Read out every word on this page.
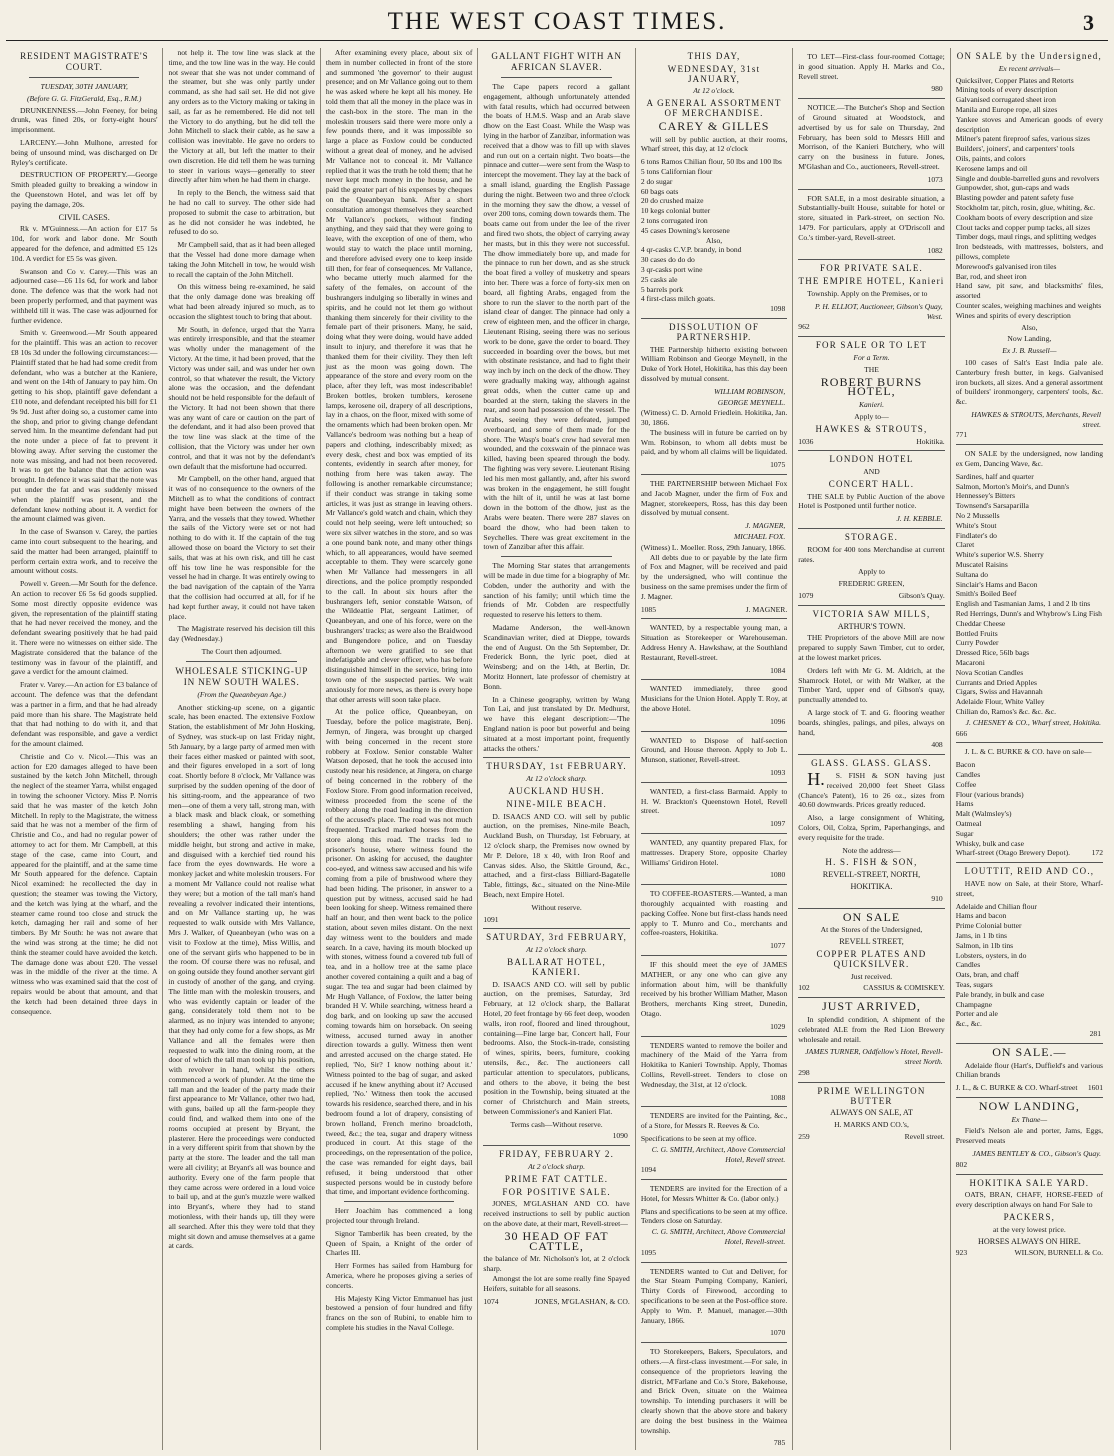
THE WEST COAST TIMES.	3
RESIDENT MAGISTRATE'S COURT.
TUESDAY, 30TH JANUARY,
(Before G. G. FitzGerald, Esq., R.M.)

DRUNKENNESS.—John Feeney, for being drunk, was fined 20s, or forty-eight hours' imprisonment.

LARCENY.—John Mulhone, arrested for being of unsound mind, was discharged on Dr Ryley's certificate.

DESTRUCTION OF PROPERTY.—George Smith pleaded guilty to breaking a window in the Queenstown Hotel, and was let off by paying the damage, 20s.

CIVIL CASES.

Rk v. M'Guinness.—An action for £17 5s 10d, for work and labor done. Mr South appeared for the defence, and admitted £5 12s 10d. A verdict for £5 5s was given.

Swanson and Co v. Carey.—This was an adjourned case—£6 11s 6d, for work and labor done. The defence was that the work had not been properly performed, and that payment was withheld till it was. The case was adjourned for further evidence.

Smith v. Greenwood.—Mr South appeared for the plaintiff. This was an action to recover £8 10s 3d under the following circumstances:—Plaintiff stated that he had had some credit from defendant, who was a butcher at the Kaniere, and went on the 14th of January to pay him. On getting to his shop, plaintiff gave defendant a £10 note, and defendant receipted his bill for £1 9s 9d. Just after doing so, a customer came into the shop, and prior to giving change defendant served him. In the meantime defendant had put the note under a piece of fat to prevent it blowing away. After serving the customer the note was missing, and had not been recovered. It was to get the balance that the action was brought. In defence it was said that the note was put under the fat and was suddenly missed when the plaintiff was present, and the defendant knew nothing about it. A verdict for the amount claimed was given.

In the case of Swanson v. Carey, the parties came into court subsequent to the hearing, and said the matter had been arranged, plaintiff to perform certain extra work, and to receive the amount without costs.

Powell v. Green.—Mr South for the defence. An action to recover £6 5s 6d goods supplied. Some most directly opposite evidence was given, the representation of the plaintiff stating that he had never received the money, and the defendant swearing positively that he had paid it. There were no witnesses on either side. The Magistrate considered that the balance of the testimony was in favour of the plaintiff, and gave a verdict for the amount claimed.

Frater v. Varey.—An action for £3 balance of account. The defence was that the defendant was a partner in a firm, and that he had already paid more than his share. The Magistrate held that that had nothing to do with it, and that defendant was responsible, and gave a verdict for the amount claimed.

Christie and Co v. Nicol.—This was an action for £20 damages alleged to have been sustained by the ketch John Mitchell, through the neglect of the steamer Yarra, whilst engaged in towing the schooner Victory. Miss P. Norris said that he was master of the ketch John Mitchell. In reply to the Magistrate, the witness said that he was not a member of the firm of Christie and Co., and had no regular power of attorney to act for them. Mr Campbell, at this stage of the case, came into Court, and appeared for the plaintiff, and at the same time Mr South appeared for the defence. Captain Nicol examined: he recollected the day in question; the steamer was towing the Victory, and the ketch was lying at the wharf, and the steamer came round too close and struck the ketch, damaging her rail and some of her timbers. By Mr South: he was not aware that the wind was strong at the time; he did not think the steamer could have avoided the ketch. The damage done was about £20. The vessel was in the middle of the river at the time. A witness who was examined said that the cost of repairs would be about that amount, and that the ketch had been detained three days in consequence.

not help it. The tow line was slack at the time, and the tow line was in the way. He could not swear that she was not under command of the steamer, but she was only partly under command, as she had sail set. He did not give any orders as to the Victory making or taking in sail, as far as he remembered. He did not tell the Victory to do anything, but he did tell the John Mitchell to slack their cable, as he saw a collision was inevitable. He gave no orders to the Victory at all, but left the matter to their own discretion. He did tell them he was turning to steer in various ways—generally to steer directly after him when he had them in charge.

In reply to the Bench, the witness said that he had no call to survey. The other side had proposed to submit the case to arbitration, but as he did not consider he was indebted, he refused to do so.

Mr Campbell said, that as it had been alleged that the Vessel had done more damage when taking the John Mitchell in tow, he would wish to recall the captain of the John Mitchell.

On this witness being re-examined, he said that the only damage done was breaking off what had been already injured so much, as to occasion the slightest touch to bring that about.

Mr South, in defence, urged that the Yarra was entirely irresponsible, and that the steamer was wholly under the management of the Victory. At the time, it had been proved, that the Victory was under sail, and was under her own control, so that whatever the result, the Victory alone was the occasion, and the defendant should not be held responsible for the default of the Victory. It had not been shown that there was any want of care or caution on the part of the defendant, and it had also been proved that the tow line was slack at the time of the collision, that the Victory was under her own control, and that it was not by the defendant's own default that the misfortune had occurred.

Mr Campbell, on the other hand, argued that it was of no consequence to the owners of the Mitchell as to what the conditions of contract might have been between the owners of the Yarra, and the vessels that they towed. Whether the sails of the Victory were set or not had nothing to do with it. If the captain of the tug allowed those on board the Victory to set their sails, that was at his own risk, and till he cast off his tow line he was responsible for the vessel he had in charge. It was entirely owing to the bad navigation of the captain of the Yarra that the collision had occurred at all, for if he had kept further away, it could not have taken place.

The Magistrate reserved his decision till this day (Wednesday.)

The Court then adjourned.
WHOLESALE STICKING-UP IN NEW SOUTH WALES.
(From the Queanbeyan Age.)

Another sticking-up scene, on a gigantic scale, has been enacted. The extensive Foxlow Station, the establishment of Mr John Hosking, of Sydney, was stuck-up on last Friday night, 5th January, by a large party of armed men with their faces either masked or painted with soot, and their figures enveloped in a sort of long coat. Shortly before 8 o'clock, Mr Vallance was surprised by the sudden opening of the door of his sitting-room, and the appearance of two men—one of them a very tall, strong man, with a black mask and black cloak, or something resembling a shawl, hanging from his shoulders; the other was rather under the middle height, but strong and active in make, and disguised with a kerchief tied round his face from the eyes downwards. He wore a monkey jacket and white moleskin trousers. For a moment Mr Vallance could not realise what they were; but a motion of the tall man's hand revealing a revolver indicated their intentions, and on Mr Vallance starting up, he was requested to walk outside with Mrs Vallance, Mrs J. Walker, of Queanbeyan (who was on a visit to Foxlow at the time), Miss Willis, and one of the servant girls who happened to be in the room. Of course there was no refusal, and on going outside they found another servant girl in custody of another of the gang, and crying. The little man with the moleskin trousers, and who was evidently captain or leader of the gang, considerately told them not to be alarmed, as no injury was intended to anyone; that they had only come for a few shops, as Mr Vallance and all the females were then requested to walk into the dining room, at the door of which the tall man took up his position, with revolver in hand, whilst the others commenced a work of plunder. At the time the tall man and the leader of the party made their first appearance to Mr Vallance, other two had, with guns, bailed up all the farm-people they could find, and walked them into one of the rooms occupied at present by Bryant, the plasterer. Here the proceedings were conducted in a very different spirit from that shown by the party at the store. The leader and the tall man were all civility; at Bryant's all was bounce and authority. Every one of the farm people that they came across were ordered in a loud voice to bail up, and at the gun's muzzle were walked into Bryant's, where they had to stand motionless, with their hands up, till they were all searched. After this they were told that they might sit down and amuse themselves at a game at cards.

After examining every place, about six of them in number collected in front of the store and summoned 'the governor' to their august presence; and on Mr Vallance going out to them he was asked where he kept all his money. He told them that all the money in the place was in the cash-box in the store. The man in the moleskin trousers said there were more only a few pounds there, and it was impossible so large a place as Foxlow could be conducted without a great deal of money, and he advised Mr Vallance not to conceal it. Mr Vallance replied that it was the truth he told them; that he never kept much money in the house, and he paid the greater part of his expenses by cheques on the Queanbeyan bank. After a short consultation amongst themselves they searched Mr Vallance's pockets, without finding anything, and they said that they were going to leave, with the exception of one of them, who would stay to watch the place until morning, and therefore advised every one to keep inside till then, for fear of consequences. Mr Vallance, who became utterly much alarmed for the safety of the females, on account of the bushrangers indulging so liberally in wines and spirits, and he could not let them go without thanking them sincerely for their civility to the female part of their prisoners. Many, he said, doing what they were doing, would have added insult to injury, and therefore it was that he thanked them for their civility. They then left just as the moon was going down. The appearance of the store and every room on the place, after they left, was most indescribable! Broken bottles, broken tumblers, kerosene lamps, kerosene oil, drapery of all descriptions, lay in a chaos, on the floor, mixed with some of the ornaments which had been broken open. Mr Vallance's bedroom was nothing but a heap of papers and clothing, indescribably mixed; as every desk, chest and box was emptied of its contents, evidently in search after money, for nothing from here was taken away. The following is another remarkable circumstance; if their conduct was strange in taking some articles, it was just as strange in leaving others. Mr Vallance's gold watch and chain, which they could not help seeing, were left untouched; so were six silver watches in the store, and so was a one pound bank note, and many other things which, to all appearances, would have seemed acceptable to them. They were scarcely gone when Mr Vallance had messengers in all directions, and the police promptly responded to the call. In about six hours after the bushrangers left, senior constable Watson, of the Wildeattie Plat, sergeant Latimer, of Queanbeyan, and one of his force, were on the bushrangers' tracks; as were also the Braidwood and Bungendore police, and on Tuesday afternoon we were gratified to see that indefatigable and clever officer, who has before distinguished himself in the service, bring into town one of the suspected parties. We wait anxiously for more news, as there is every hope that other arrests will soon take place.

At the police office, Queanbeyan, on Tuesday, before the police magistrate, Benj. Jermyn, of Jingera, was brought up charged with being concerned in the recent store robbery at Foxlow. Senior constable Walter Watson deposed, that he took the accused into custody near his residence, at Jingera, on charge of being concerned in the robbery of the Foxlow Store. From good information received, witness proceeded from the scene of the robbery along the road leading in the direction of the accused's place. The road was not much frequented. Tracked marked horses from the store along this road. The tracks led to prisoner's house, where witness found the prisoner. On asking for accused, the daughter coo-eyed, and witness saw accused and his wife coming from a pile of brushwood where they had been hiding. The prisoner, in answer to a question put by witness, accused said he had been looking for sheep. Witness remained there half an hour, and then went back to the police station, about seven miles distant. On the next day witness went to the boulders and made search. In a cave, having its mouth blocked up with stones, witness found a covered tub full of tea, and in a hollow tree at the same place another covered containing a quilt and a bag of sugar. The tea and sugar had been claimed by Mr Hugh Vallance, of Foxlow, the latter being branded H V. While searching, witness heard a dog bark, and on looking up saw the accused coming towards him on horseback. On seeing witness, accused turned away in another direction towards a gully. Witness then went and arrested accused on the charge stated. He replied, 'No, Sir? I know nothing about it.' Witness pointed to the bag of sugar, and asked accused if he knew anything about it? Accused replied, 'No.' Witness then took the accused towards his residence, searched there, and in his bedroom found a lot of drapery, consisting of brown holland, French merino broadcloth, tweed, &c.; the tea, sugar and drapery witness produced in court. At this stage of the proceedings, on the representation of the police, the case was remanded for eight days, bail refused, it being understood that other suspected persons would be in custody before that time, and important evidence forthcoming.

Herr Joachim has commenced a long projected tour through Ireland.

Signor Tamberlik has been created, by the Queen of Spain, a Knight of the order of Charles III.

Herr Formes has sailed from Hamburg for America, where he proposes giving a series of concerts.

His Majesty King Victor Emmanuel has just bestowed a pension of four hundred and fifty francs on the son of Rubini, to enable him to complete his studies in the Naval College.

GALLANT FIGHT WITH AN AFRICAN SLAVER.

The Cape papers record a gallant engagement, although unfortunately attended with fatal results, which had occurred between the boats of H.M.S. Wasp and an Arab slave dhow on the East Coast. While the Wasp was lying in the harbor of Zanzibar, information was received that a dhow was to fill up with slaves and run out on a certain night. Two boats—the pinnace and cutter—were sent from the Wasp to intercept the movement. They lay at the back of a small island, guarding the English Passage during the night. Between two and three o'clock in the morning they saw the dhow, a vessel of over 200 tons, coming down towards them. The boats came out from under the lee of the river and fired two shots, the object of carrying away her masts, but in this they were not successful. The dhow immediately bore up, and made for the pinnace to run her down, and as she struck the boat fired a volley of musketry and spears into her. There was a force of forty-six men on board, all fighting Arabs, engaged from the shore to run the slaver to the north part of the island clear of danger. The pinnace had only a crew of eighteen men, and the officer in charge, Lieutenant Rising, seeing there was no serious work to be done, gave the order to board. They succeeded in boarding over the bows, but met with obstinate resistance, and had to fight their way inch by inch on the deck of the dhow. They were gradually making way, although against great odds, when the cutter came up and boarded at the stern, taking the slavers in the rear, and soon had possession of the vessel. The Arabs, seeing they were defeated, jumped overboard, and some of them made for the shore. The Wasp's boat's crew had several men wounded, and the coxswain of the pinnace was killed, having been speared through the body. The fighting was very severe. Lieutenant Rising led his men most gallantly, and, after his sword was broken in the engagement, he still fought with the hilt of it, until he was at last borne down in the bottom of the dhow, just as the Arabs were beaten. There were 287 slaves on board the dhow, who had been taken to Seychelles. There was great excitement in the town of Zanzibar after this affair.

The Morning Star states that arrangements will be made in due time for a biography of Mr. Cobden, under the authority and with the sanction of his family; until which time the friends of Mr. Cobden are respectfully requested to reserve his letters to them.

Madame Anderson, the well-known Scandinavian writer, died at Dieppe, towards the end of August. On the 5th September, Dr. Frederick Bonn, the lyric poet, died at Weinsberg; and on the 14th, at Berlin, Dr. Moritz Honnert, late professor of chemistry at Bonn.

In a Chinese geography, written by Wang Ton Lai, and just translated by Dr. Medhurst, we have this elegant description:—'The England nation is poor but powerful and being situated at a most important point, frequently attacks the others.'

THURSDAY, 1st FEBRUARY.
At 12 o'clock sharp.
AUCKLAND HUSH.
NINE-MILE BEACH.

D. ISAACS AND CO. will sell by public auction, on the premises, Nine-mile Beach, Auckland Bush, on Thursday, 1st February, at 12 o'clock sharp, the Premises now owned by Mr P. Delore, 18 x 40, with Iron Roof and Canvas sides. Also, the Skittle Ground, &c., attached, and a first-class Billiard-Bagatelle Table, fittings, &c., situated on the Nine-Mile Beach, next Empire Hotel.

Without reserve.
1091
SATURDAY, 3rd FEBRUARY,
At 12 o'clock sharp.
BALLARAT HOTEL, KANIERI.

D. ISAACS AND CO. will sell by public auction, on the premises, Saturday, 3rd February, at 12 o'clock sharp, the Ballarat Hotel, 20 feet frontage by 66 feet deep, wooden walls, iron roof, floored and lined throughout, containing—Fine large bar, Concert hall, Four bedrooms. Also, the Stock-in-trade, consisting of wines, spirits, beers, furniture, cooking utensils, &c., &c. The auctioneers call particular attention to speculators, publicans, and others to the above, it being the best position in the Township, being situated at the corner of Christchurch and Main streets, between Commissioner's and Kanieri Flat.

Terms cash—Without reserve.
1090
FRIDAY, FEBRUARY 2.
At 2 o'clock sharp.
PRIME FAT CATTLE.
FOR POSITIVE SALE.

JONES, M'GLASHAN AND CO. have received instructions to sell by public auction on the above date, at their mart, Revell-street—

30 HEAD OF FAT CATTLE,
the balance of Mr. Nicholson's lot, at 2 o'clock sharp.

Amongst the lot are some really fine Spayed Heifers, suitable for all seasons.

1074	JONES, M'GLASHAN, & CO.
THIS DAY,
WEDNESDAY, 31st JANUARY,
At 12 o'clock.
A GENERAL ASSORTMENT OF MERCHANDISE.
CAREY & GILLES

will sell by public auction, at their rooms, Wharf street, this day, at 12 o'clock

6 tons Ramos Chilian flour, 50 lbs and 100 lbs
5 tons Californian flour
2 do sugar
60 bags oats
20 do crushed maize
10 kegs colonial butter
2 tons corrugated iron
45 cases Downing's kerosene
Also,
4 qr-casks C.V.P. brandy, in bond
30 cases do do do
3 qr-casks port wine
25 casks ale
5 barrels pork
4 first-class milch goats.
1098
DISSOLUTION OF PARTNERSHIP.

THE Partnership hitherto existing between William Robinson and George Meynell, in the Duke of York Hotel, Hokitika, has this day been dissolved by mutual consent.

WILLIAM ROBINSON,
GEORGE MEYNELL.
(Witness) C. D. Arnold Friedlein. Hokitika, Jan. 30, 1866.

The business will in future be carried on by Wm. Robinson, to whom all debts must be paid, and by whom all claims will be liquidated.

1075

THE PARTNERSHIP between Michael Fox and Jacob Magner, under the firm of Fox and Magner, storekeepers, Ross, has this day been dissolved by mutual consent.

J. MAGNER,
MICHAEL FOX.
(Witness) L. Moeller. Ross, 29th January, 1866.

All debts due to or payable by the late firm of Fox and Magner, will be received and paid by the undersigned, who will continue the business on the same premises under the firm of J. Magner.

1085	J. MAGNER.

WANTED, by a respectable young man, a Situation as Storekeeper or Warehouseman. Address Henry A. Hawkshaw, at the Southland Restaurant, Revell-street.

1084

WANTED immediately, three good Musicians for the Union Hotel. Apply T. Roy, at the above Hotel.

1096

WANTED to Dispose of half-section Ground, and House thereon. Apply to Job L. Munson, stationer, Revell-street.

1093

WANTED, a first-class Barmaid. Apply to H. W. Brackton's Queenstown Hotel, Revell street.

1097

WANTED, any quantity prepared Flax, for mattresses. Drapery Store, opposite Charley Williams' Gridiron Hotel.

1080

TO COFFEE-ROASTERS.—Wanted, a man thoroughly acquainted with roasting and packing Coffee. None but first-class hands need apply to T. Munro and Co., merchants and coffee-roasters, Hokitika.

1077

IF this should meet the eye of JAMES MATHER, or any one who can give any information about him, will be thankfully received by his brother William Mather, Mason Brothers, merchants King street, Dunedin, Otago.

1029

TENDERS wanted to remove the boiler and machinery of the Maid of the Yarra from Hokitika to Kanieri Township. Apply, Thomas Collins, Revell-street. Tenders to close on Wednesday, the 31st, at 12 o'clock.

1088

TENDERS are invited for the Painting, &c., of a Store, for Messrs R. Reeves & Co.

Specifications to be seen at my office.
C. G. SMITH, Architect, Above Commercial Hotel, Revell street.
1094

TENDERS are invited for the Erection of a Hotel, for Messrs Whitter & Co. (labor only.)

Plans and specifications to be seen at my office. Tenders close on Saturday.
C. G. SMITH, Architect, Above Commercial Hotel, Revell-street.
1095

TENDERS wanted to Cut and Deliver, for the Star Steam Pumping Company, Kanieri, Thirty Cords of Firewood, according to specifications to be seen at the Post-office store. Apply to Wm. P. Manuel, manager.—30th January, 1866.

1070

TO Storekeepers, Bakers, Speculators, and others.—A first-class investment.—For sale, in consequence of the proprietors leaving the district, M'Farlane and Co.'s Store, Bakehouse, and Brick Oven, situate on the Waimea township. To intending purchasers it will be clearly shown that the above store and bakery are doing the best business in the Waimea township.

785

TO LET—First-class four-roomed Cottage; in good situation. Apply H. Marks and Co., Revell street.

980

NOTICE.—The Butcher's Shop and Section of Ground situated at Woodstock, and advertised by us for sale on Thursday, 2nd February, has been sold to Messrs Hill and Morrison, of the Kanieri Butchery, who will carry on the business in future. Jones, M'Glashan and Co., auctioneers, Revell-street.

1073

FOR SALE, in a most desirable situation, a Substantially-built House, suitable for hotel or store, situated in Park-street, on section No. 1479. For particulars, apply at O'Driscoll and Co.'s timber-yard, Revell-street.

1082
FOR PRIVATE SALE.
THE EMPIRE HOTEL, Kanieri

Township. Apply on the Premises, or to

P. H. ELLIOT, Auctioneer, Gibson's Quay, West.
962
FOR SALE OR TO LET
For a Term.
THE
ROBERT BURNS HOTEL,
Kanieri.
Apply to—
HAWKES & STROUTS,
1036	Hokitika.
LONDON HOTEL
AND
CONCERT HALL.

THE SALE by Public Auction of the above Hotel is Postponed until further notice.

J. H. KEBBLE.
STORAGE.

ROOM for 400 tons Merchandise at current rates.

Apply to
FREDERIC GREEN,
1079	Gibson's Quay.
VICTORIA SAW MILLS,
ARTHUR'S TOWN.

THE Proprietors of the above Mill are now prepared to supply Sawn Timber, cut to order, at the lowest market prices.

Orders left with Mr G. M. Aldrich, at the Shamrock Hotel, or with Mr Walker, at the Timber Yard, upper end of Gibson's quay, punctually attended to.

A large stock of T. and G. flooring weather boards, shingles, palings, and piles, always on hand,

408
GLASS. GLASS. GLASS.

H.S. FISH & SON having just received 20,000 feet Sheet Glass (Chance's Patent), 16 to 26 oz., sizes from 40.60 downwards. Prices greatly reduced.

Also, a large consignment of Whiting, Colors, Oil, Colza, Sprim, Paperhangings, and every requisite for the trade.

Note the address—
H. S. FISH & SON,
REVELL-STREET, NORTH,
HOKITIKA.
910
ON SALE
At the Stores of the Undersigned,
REVELL STREET,
COPPER PLATES AND QUICKSILVER.
Just received.
102	CASSIUS & COMISKEY.
JUST ARRIVED,

In splendid condition, A shipment of the celebrated ALE from the Red Lion Brewery wholesale and retail.

JAMES TURNER, Oddfellow's Hotel, Revell-street North.
298
PRIME WELLINGTON BUTTER
ALWAYS ON SALE, AT
H. MARKS AND CO.'s,
259	Revell street.
ON SALE by the Undersigned,
Ex recent arrivals—
Quicksilver, Copper Plates and Retorts
Mining tools of every description
Galvanised corrugated sheet iron
Manila and Europe rope, all sizes
Yankee stoves and American goods of every description
Milner's patent fireproof safes, various sizes
Builders', joiners', and carpenters' tools
Oils, paints, and colors
Kerosene lamps and oil
Single and double-barrelled guns and revolvers
Gunpowder, shot, gun-caps and wads
Blasting powder and patent safety fuse
Stockholm tar, pitch, rosin, glue, whiting, &c.
Cookham boots of every description and size
Clout tacks and copper pump tacks, all sizes
Timber dogs, maul rings, and splitting wedges
Iron bedsteads, with mattresses, bolsters, and pillows, complete
Morewood's galvanised iron tiles
Bar, rod, and sheet iron
Hand saw, pit saw, and blacksmiths' files, assorted
Counter scales, weighing machines and weights
Wines and spirits of every description
Also,
Now Landing,
Ex J. B. Russell—

100 cases of Salt's East India pale ale. Canterbury fresh butter, in kegs. Galvanised iron buckets, all sizes. And a general assortment of builders' ironmongery, carpenters' tools, &c. &c.

HAWKES & STROUTS, Merchants, Revell street.
771

ON SALE by the undersigned, now landing ex Gem, Dancing Wave, &c.

Sardines, half and quarter
Salmon, Morton's Moir's, and Dunn's
Hennessey's Bitters
Townsend's Sarsaparilla
No 2 Mussells
White's Stout
Findlater's do
Claret
White's superior W.S. Sherry
Muscatel Raisins
Sultana do
Sinclair's Hams and Bacon
Smith's Boiled Beef
English and Tasmanian Jams, 1 and 2 lb tins
Red Herrings, Dunn's and Whybrow's Ling Fish
Cheddar Cheese
Bottled Fruits
Curry Powder
Dressed Rice, 56lb bags
Macaroni
Nova Scotian Candles
Currants and Dried Apples
Cigars, Swiss and Havannah
Adelaide Flour, White Valley
Chilian do, Ramos's &c. &c. &c.
J. CHESNEY & CO., Wharf street, Hokitika.
666

J. L. & C. BURKE & CO. have on sale—

Bacon
Candles
Coffee
Flour (various brands)
Hams
Malt (Walmsley's)
Oatmeal
Sugar
Whisky, bulk and case
Wharf-street (Otago Brewery Depot).	172
LOUTTIT, REID AND CO.,

HAVE now on Sale, at their Store, Wharf-street,

Adelaide and Chilian flour
Hams and bacon
Prime Colonial butter
Jams, in 1 lb tins
Salmon, in 1lb tins
Lobsters, oysters, in do
Candles
Oats, bran, and chaff
Teas, sugars
Pale brandy, in bulk and case
Champagne
Porter and ale
&c., &c.
281
ON SALE.—

Adelaide flour (Hart's, Duffield's and various Chilian brands

J. L., & C. BURKE & CO. Wharf-street 1601
NOW LANDING,
Ex Thane—

Field's Nelson ale and porter, Jams, Eggs, Preserved meats

JAMES BENTLEY & CO., Gibson's Quay.
802
HOKITIKA SALE YARD.

OATS, BRAN, CHAFF, HORSE-FEED of every description always on hand For Sale to

PACKERS,
at the very lowest price.
HORSES ALWAYS ON HIRE.
923	WILSON, BURNELL & Co.
